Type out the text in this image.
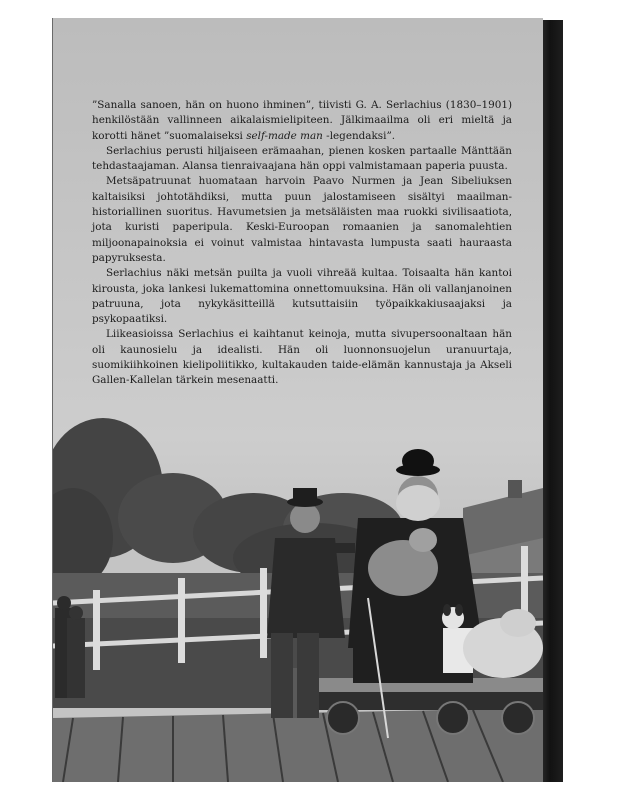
”Sanalla sanoen, hän on huono ihminen”, tiivisti G. A. Serlachius (1830–1901) henkilöstään vallinneen aikalaismielipiteen. Jälkimaailma oli eri mieltä ja korotti hänet ”suomalaiseksi self-made man -legendaksi”.

Serlachius perusti hiljaiseen erämaahan, pienen kosken partaalle Mänttään tehdastaajaman. Alansa tienraivaajana hän oppi valmistamaan paperia puusta.

Metsäpatruunat huomataan harvoin Paavo Nurmen ja Jean Sibeliuksen kaltaisiksi johtotähdiksi, mutta puun jalostamiseen sisältyi maailmanhistoriallinen suoritus. Havumetsien ja metsäläisten maa ruokki sivilisaatiota, jota kuristi paperipula. Keski-Euroopan romaanien ja sanomalehtien miljoonapainoksia ei voinut valmistaa hintavasta lumpusta saati hauraasta papyruksesta.

Serlachius näki metsän puilta ja vuoli vihreää kultaa. Toisaalta hän kantoi kirousta, joka lankesi lukemattomina onnettomuuksina. Hän oli vallanjanoinen patruuna, jota nykykäsitteillä kutsuttaisiin työpaikkakiusaajaksi ja psykopaatiksi.

Liikeasioissa Serlachius ei kaihtanut keinoja, mutta sivupersoonaltaan hän oli kaunosielu ja idealisti. Hän oli luonnonsuojelun uranuurtaja, suomikiihkoinen kielipoliitikko, kultakauden taide-elämän kannustaja ja Akseli Gallen-Kallelan tärkein mesenaatti.
